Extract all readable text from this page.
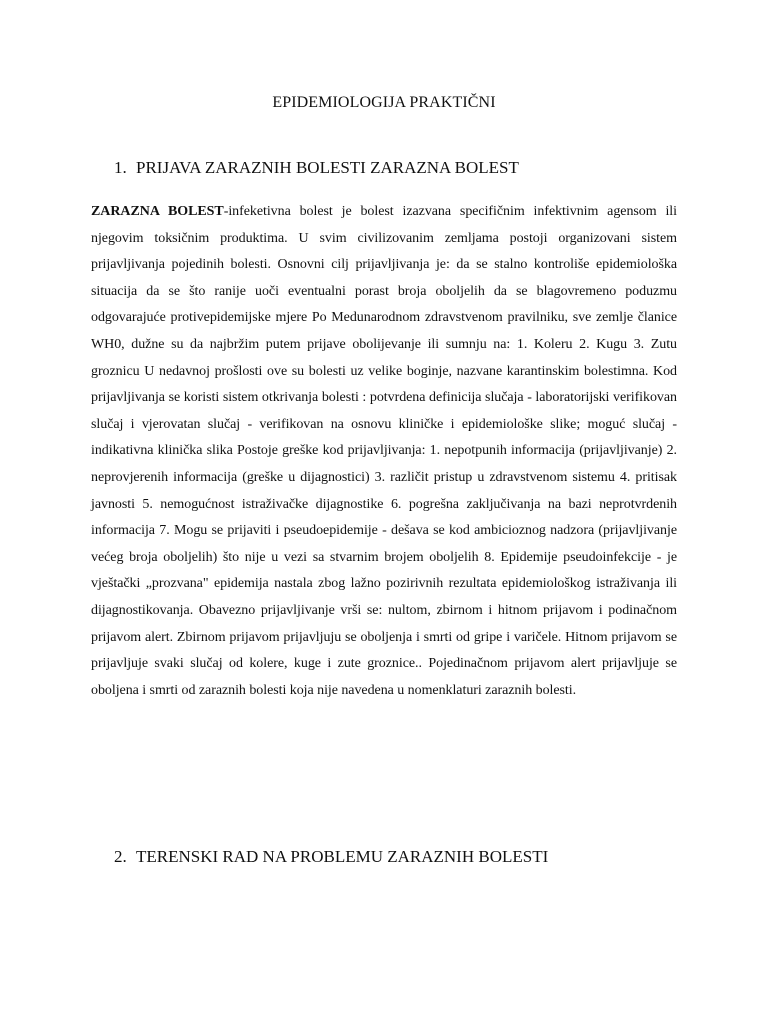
EPIDEMIOLOGIJA PRAKTIČNI
1. PRIJAVA ZARAZNIH BOLESTI ZARAZNA BOLEST

ZARAZNA BOLEST-infeketivna bolest je bolest izazvana specifičnim infektivnim agensom ili njegovim toksičnim produktima. U svim civilizovanim zemljama postoji organizovani sistem prijavljivanja pojedinih bolesti. Osnovni cilj prijavljivanja je: da se stalno kontroliše epidemiološka situacija da se što ranije uoči eventualni porast broja oboljelih da se blagovremeno poduzmu odgovarajuće protivepidemijske mjere Po Medunarodnom zdravstvenom pravilniku, sve zemlje članice WH0, dužne su da najbržim putem prijave obolijevanje ili sumnju na: 1. Koleru 2. Kugu 3. Zutu groznicu U nedavnoj prošlosti ove su bolesti uz velike boginje, nazvane karantinskim bolestimna. Kod prijavljivanja se koristi sistem otkrivanja bolesti : potvrdena definicija slučaja - laboratorijski verifikovan slučaj i vjerovatan slučaj - verifikovan na osnovu kliničke i epidemiološke slike; moguć slučaj - indikativna klinička slika Postoje greške kod prijavljivanja: 1. nepotpunih informacija (prijavljivanje) 2. neprovjerenih informacija (greške u dijagnostici) 3. različit pristup u zdravstvenom sistemu 4. pritisak javnosti 5. nemogućnost istraživačke dijagnostike 6. pogrešna zaključivanja na bazi neprotvrdenih informacija 7. Mogu se prijaviti i pseudoepidemije - dešava se kod ambicioznog nadzora (prijavljivanje većeg broja oboljelih) što nije u vezi sa stvarnim brojem oboljelih 8. Epidemije pseudoinfekcije - je vještački „prozvana" epidemija nastala zbog lažno pozirivnih rezultata epidemiološkog istraživanja ili dijagnostikovanja. Obavezno prijavljivanje vrši se: nultom, zbirnom i hitnom prijavom i podinačnom prijavom alert. Zbirnom prijavom prijavljuju se oboljenja i smrti od gripe i varičele. Hitnom prijavom se prijavljuje svaki slučaj od kolere, kuge i zute groznice.. Pojedinačnom prijavom alert prijavljuje se oboljena i smrti od zaraznih bolesti koja nije navedena u nomenklaturi zaraznih bolesti.

2. TERENSKI RAD NA PROBLEMU ZARAZNIH BOLESTI
